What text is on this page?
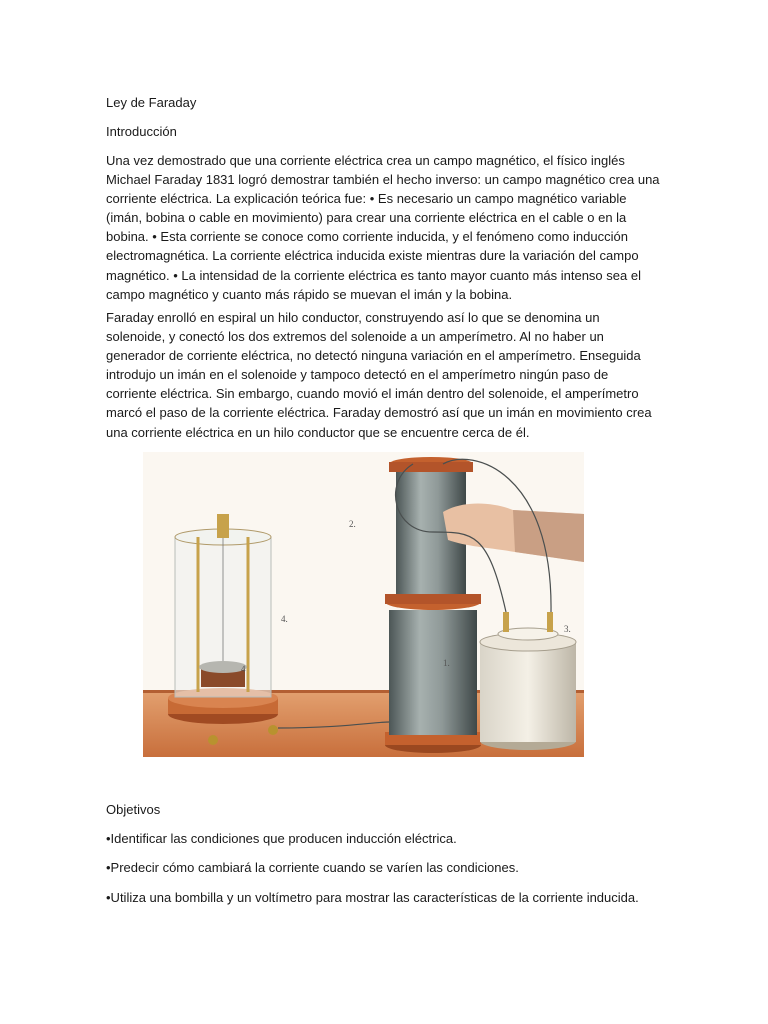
Ley de Faraday
Introducción
Una vez demostrado que una corriente eléctrica crea un campo magnético, el físico inglés Michael Faraday 1831 logró demostrar también el hecho inverso: un campo magnético crea una corriente eléctrica. La explicación teórica fue: • Es necesario un campo magnético variable (imán, bobina o cable en movimiento) para crear una corriente eléctrica en el cable o en la bobina. • Esta corriente se conoce como corriente inducida, y el fenómeno como inducción electromagnética. La corriente eléctrica inducida existe mientras dure la variación del campo magnético. • La intensidad de la corriente eléctrica es tanto mayor cuanto más intenso sea el campo magnético y cuanto más rápido se muevan el imán y la bobina.
Faraday enrolló en espiral un hilo conductor, construyendo así lo que se denomina un solenoide, y conectó los dos extremos del solenoide a un amperímetro. Al no haber un generador de corriente eléctrica, no detectó ninguna variación en el amperímetro. Enseguida introdujo un imán en el solenoide y tampoco detectó en el amperímetro ningún paso de corriente eléctrica. Sin embargo, cuando movió el imán dentro del solenoide, el amperímetro marcó el paso de la corriente eléctrica. Faraday demostró así que un imán en movimiento crea una corriente eléctrica en un hilo conductor que se encuentre cerca de él.
1.
2.
3.
4.
4
Objetivos
•Identificar las condiciones que producen inducción eléctrica.
•Predecir cómo cambiará la corriente cuando se varíen las condiciones.
•Utiliza una bombilla y un voltímetro para mostrar las características de la corriente inducida.
